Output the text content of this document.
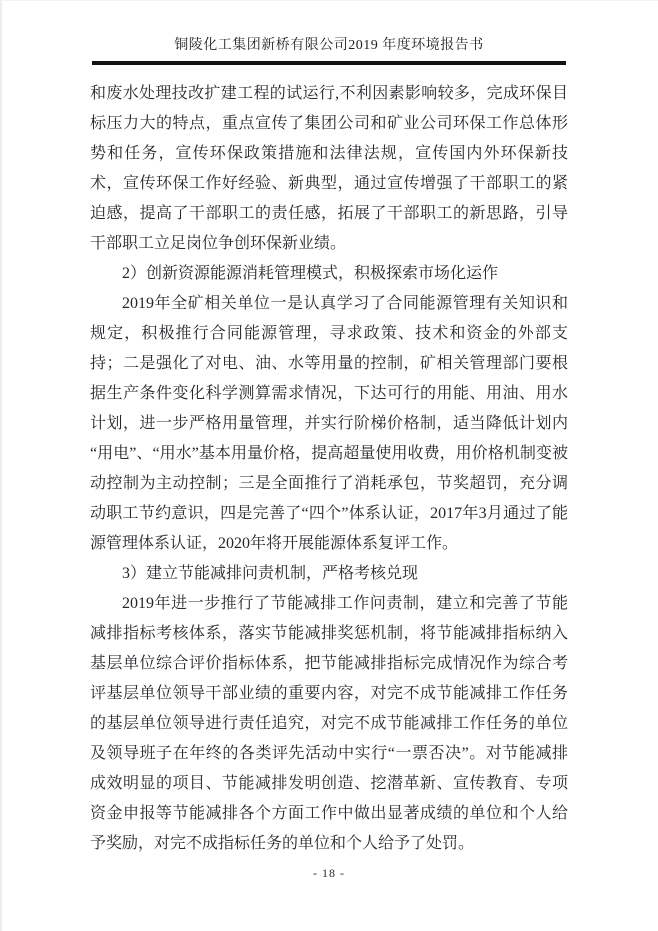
铜陵化工集团新桥有限公司2019 年度环境报告书

和废水处理技改扩建工程的试运行,不利因素影响较多，完成环保目标压力大的特点，重点宣传了集团公司和矿业公司环保工作总体形势和任务，宣传环保政策措施和法律法规，宣传国内外环保新技术，宣传环保工作好经验、新典型，通过宣传增强了干部职工的紧迫感，提高了干部职工的责任感，拓展了干部职工的新思路，引导干部职工立足岗位争创环保新业绩。

2）创新资源能源消耗管理模式，积极探索市场化运作

2019年全矿相关单位一是认真学习了合同能源管理有关知识和规定，积极推行合同能源管理，寻求政策、技术和资金的外部支持；二是强化了对电、油、水等用量的控制，矿相关管理部门要根据生产条件变化科学测算需求情况，下达可行的用能、用油、用水计划，进一步严格用量管理，并实行阶梯价格制，适当降低计划内“用电”、“用水”基本用量价格，提高超量使用收费，用价格机制变被动控制为主动控制；三是全面推行了消耗承包，节奖超罚，充分调动职工节约意识，四是完善了“四个”体系认证，2017年3月通过了能源管理体系认证，2020年将开展能源体系复评工作。

3）建立节能减排问责机制，严格考核兑现

2019年进一步推行了节能减排工作问责制，建立和完善了节能减排指标考核体系，落实节能减排奖惩机制，将节能减排指标纳入基层单位综合评价指标体系，把节能减排指标完成情况作为综合考评基层单位领导干部业绩的重要内容，对完不成节能减排工作任务的基层单位领导进行责任追究，对完不成节能减排工作任务的单位及领导班子在年终的各类评先活动中实行“一票否决”。对节能减排成效明显的项目、节能减排发明创造、挖潜革新、宣传教育、专项资金申报等节能减排各个方面工作中做出显著成绩的单位和个人给予奖励，对完不成指标任务的单位和个人给予了处罚。

- 18 -
